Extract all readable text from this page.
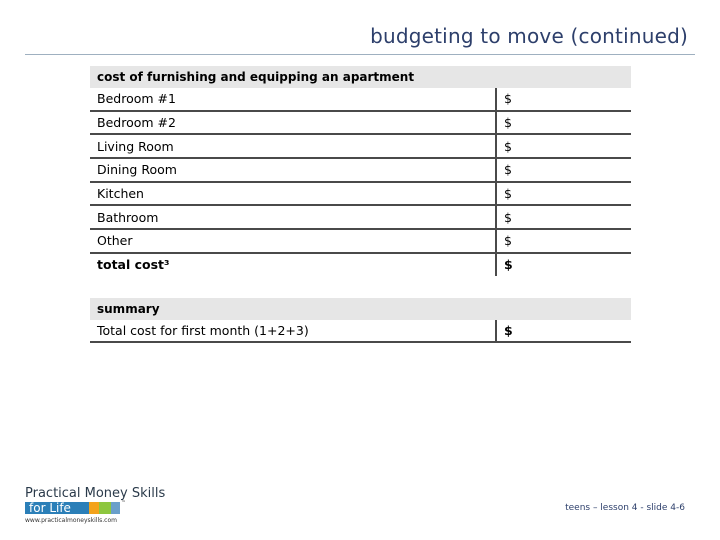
budgeting to move (continued)
cost of furnishing and equipping an apartment	
Bedroom #1	$
Bedroom #2	$
Living Room	$
Dining Room	$
Kitchen	$
Bathroom	$
Other	$
total cost³	$

summary	
Total cost for first month (1+2+3)	$
Practical Money Skills
for Life	™
www.practicalmoneyskills.com
teens – lesson 4 - slide 4-6
